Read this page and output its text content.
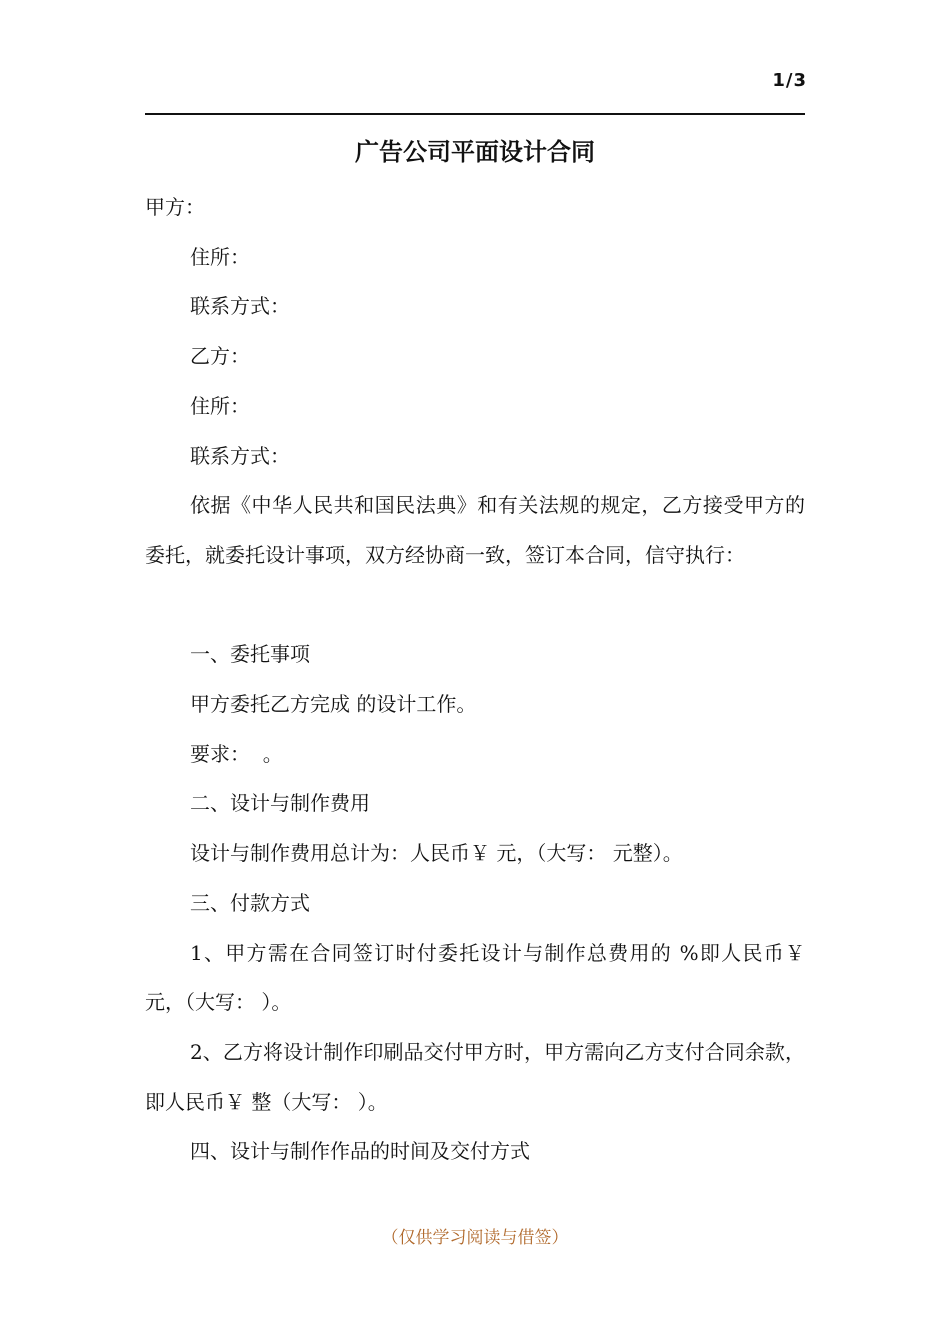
1/3
广告公司平面设计合同

甲方：

住所：

联系方式：

乙方：

住所：

联系方式：

依据《中华人民共和国民法典》和有关法规的规定，乙方接受甲方的委托，就委托设计事项，双方经协商一致，签订本合同，信守执行：

一、委托事项

甲方委托乙方完成 的设计工作。

要求：  。

二、设计与制作费用

设计与制作费用总计为：人民币￥ 元，（大写： 元整）。

三、付款方式

1、甲方需在合同签订时付委托设计与制作总费用的 %即人民币￥ 元，（大写： ）。

2、乙方将设计制作印刷品交付甲方时，甲方需向乙方支付合同余款，即人民币￥ 整（大写： ）。

四、设计与制作作品的时间及交付方式

（仅供学习阅读与借签）
